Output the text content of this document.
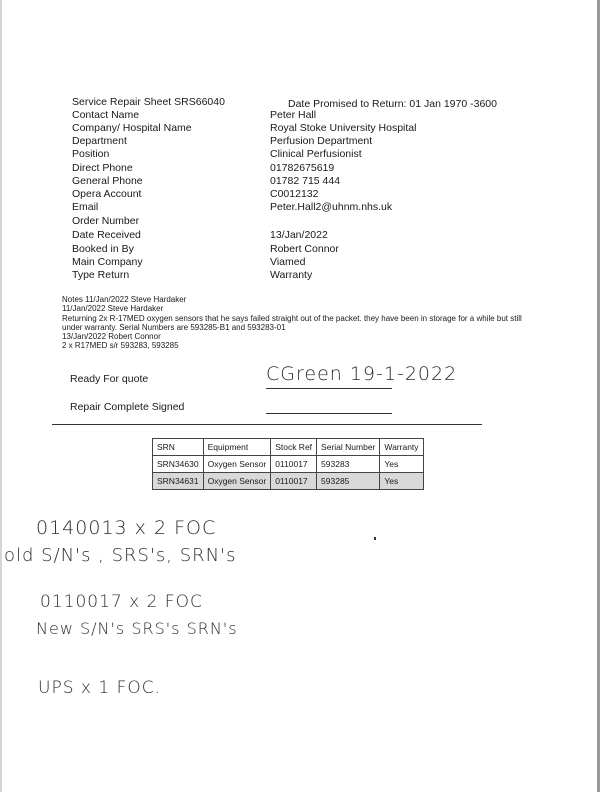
Service Repair Sheet SRS66040	Date Promised to Return: 01 Jan 1970 -3600
Contact Name	Peter Hall
Company/ Hospital Name	Royal Stoke University Hospital
Department	Perfusion Department
Position	Clinical Perfusionist
Direct Phone	01782675619
General Phone	01782 715 444
Opera Account	C0012132
Email	Peter.Hall2@uhnm.nhs.uk
Order Number
Date Received	13/Jan/2022
Booked in By	Robert Connor
Main Company	Viamed
Type Return	Warranty
Notes 11/Jan/2022 Steve Hardaker
11/Jan/2022 Steve Hardaker
Returning 2x R-17MED oxygen sensors that he says failed straight out of the packet. they have been in storage for a while but still under warranty. Serial Numbers are 593285-B1 and 593283-01
13/Jan/2022 Robert Connor
2 x R17MED s/r 593283, 593285
Ready For quote	CGreen 19-1-2022
Repair Complete Signed
SRN	Equipment	Stock Ref	Serial Number	Warranty
SRN34630	Oxygen Sensor	0110017	593283	Yes
SRN34631	Oxygen Sensor	0110017	593285	Yes
0140013 x 2 FOC
old S/N's , SRS's, SRN's
0110017 x 2 FOC
New S/N's SRS's SRN's
UPS x 1 FOC.
